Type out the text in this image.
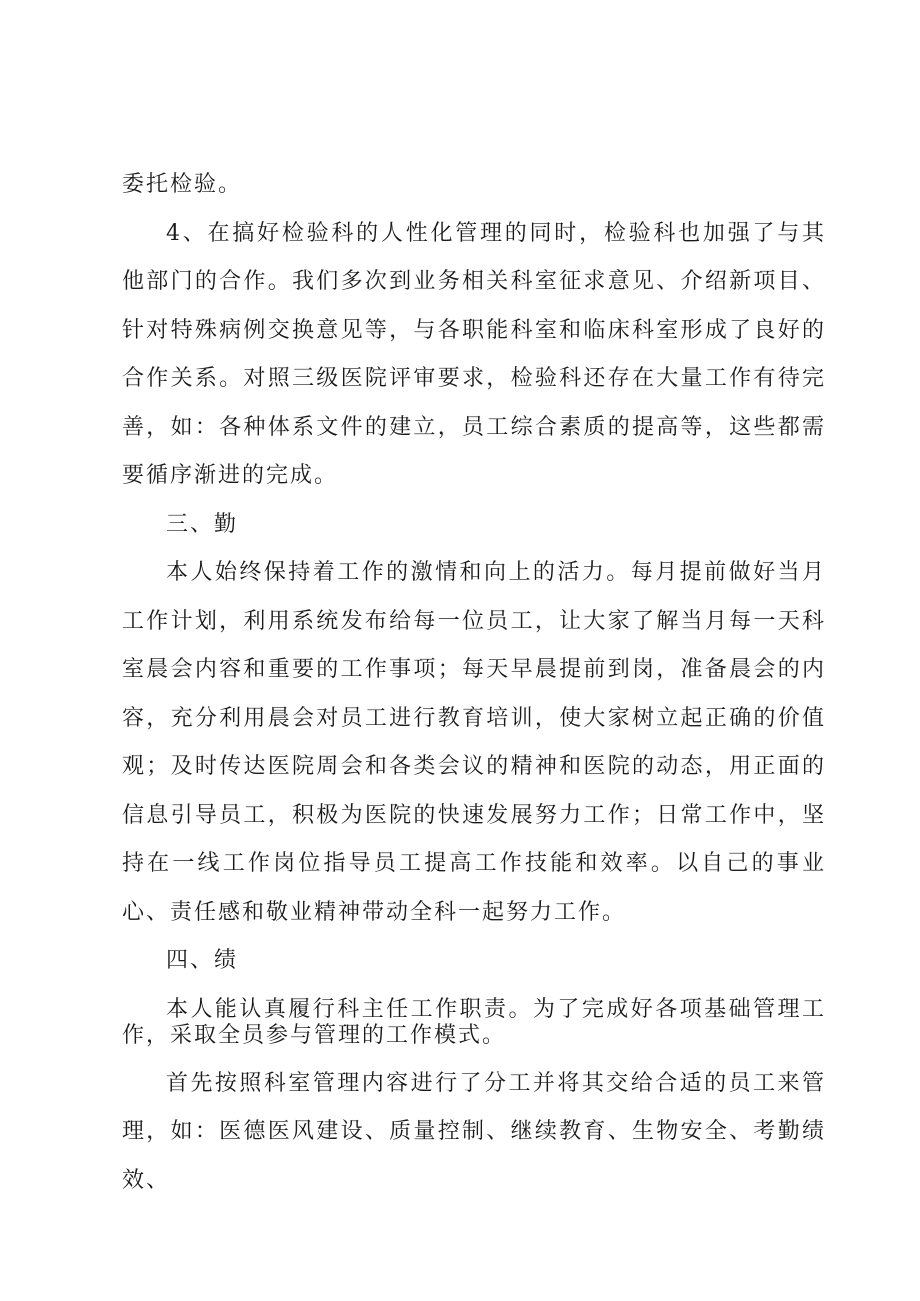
委托检验。

4、在搞好检验科的人性化管理的同时，检验科也加强了与其他部门的合作。我们多次到业务相关科室征求意见、介绍新项目、针对特殊病例交换意见等，与各职能科室和临床科室形成了良好的合作关系。对照三级医院评审要求，检验科还存在大量工作有待完善，如：各种体系文件的建立，员工综合素质的提高等，这些都需要循序渐进的完成。

三、勤

本人始终保持着工作的激情和向上的活力。每月提前做好当月工作计划，利用系统发布给每一位员工，让大家了解当月每一天科室晨会内容和重要的工作事项；每天早晨提前到岗，准备晨会的内容，充分利用晨会对员工进行教育培训，使大家树立起正确的价值观；及时传达医院周会和各类会议的精神和医院的动态，用正面的信息引导员工，积极为医院的快速发展努力工作；日常工作中，坚持在一线工作岗位指导员工提高工作技能和效率。以自己的事业心、责任感和敬业精神带动全科一起努力工作。

四、绩

本人能认真履行科主任工作职责。为了完成好各项基础管理工作，采取全员参与管理的工作模式。

首先按照科室管理内容进行了分工并将其交给合适的员工来管理，如：医德医风建设、质量控制、继续教育、生物安全、考勤绩效、
